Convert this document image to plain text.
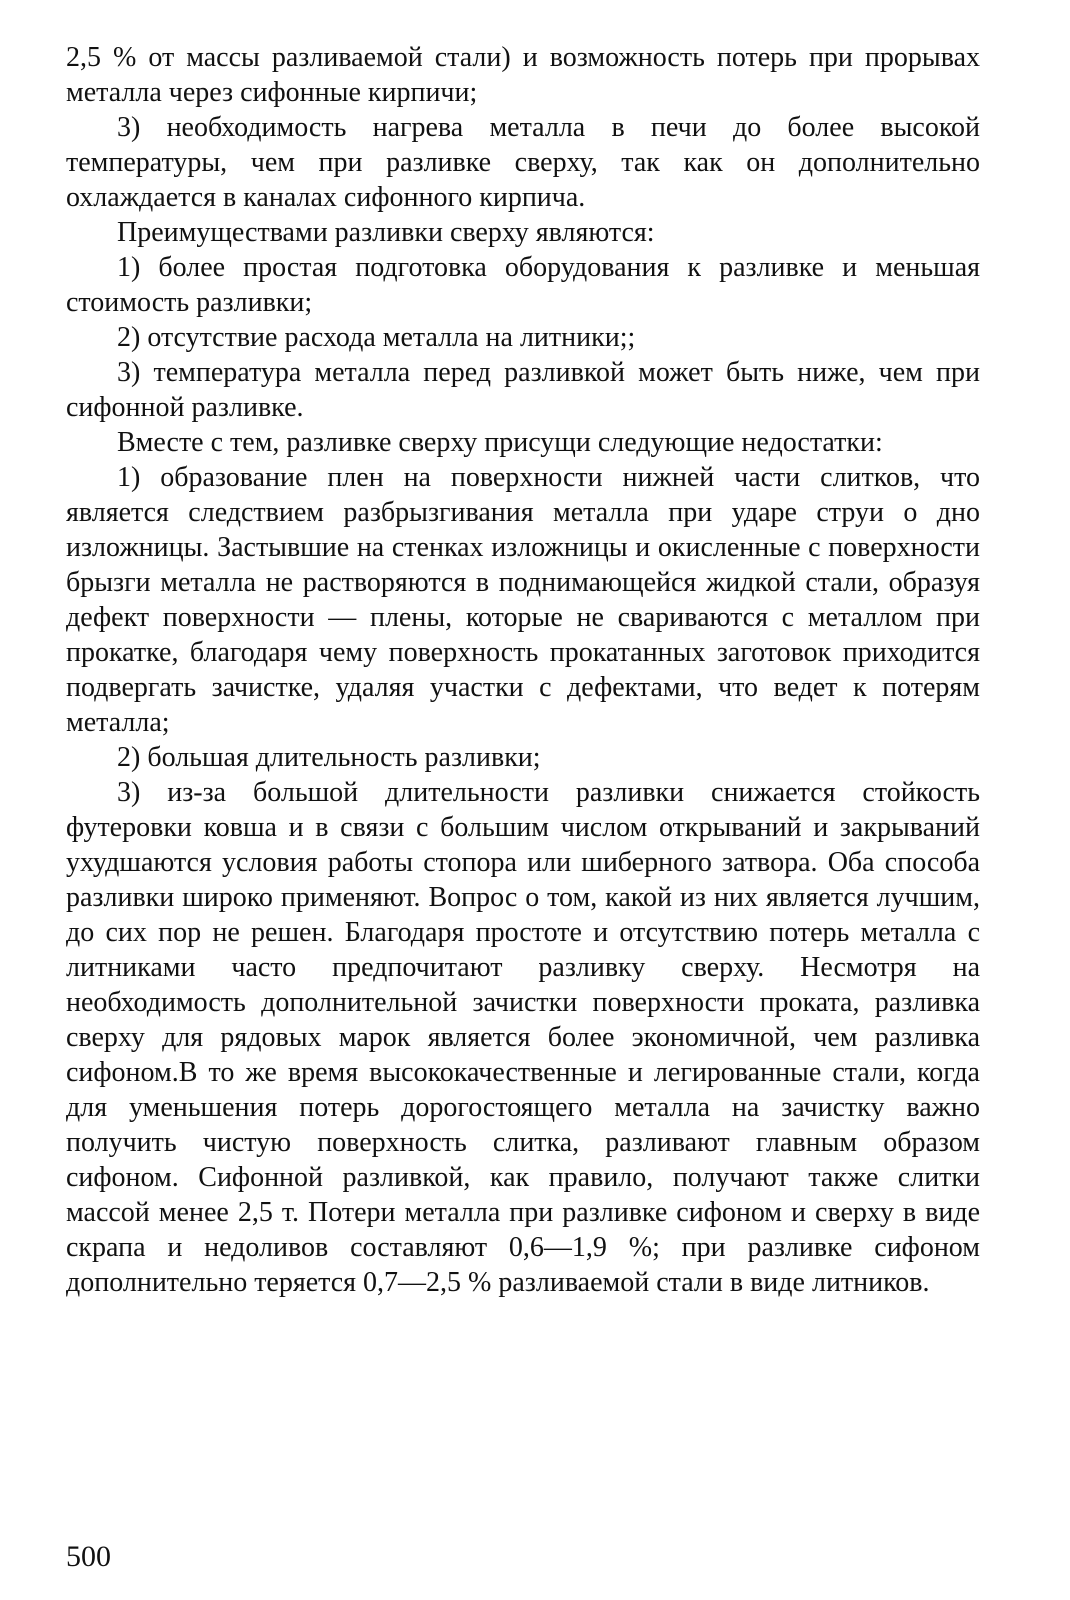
2,5 % от массы разливаемой стали) и возможность потерь при прорывах металла через сифонные кирпичи;

3) необходимость нагрева металла в печи до более высокой температуры, чем при разливке сверху, так как он дополнительно охлаждается в каналах сифонного кирпича.

Преимуществами разливки сверху являются:

1) более простая подготовка оборудования к разливке и меньшая стоимость разливки;

2) отсутствие расхода металла на литники;;

3) температура металла перед разливкой может быть ниже, чем при сифонной разливке.

Вместе с тем, разливке сверху присущи следующие недостатки:

1) образование плен на поверхности нижней части слитков, что является следствием разбрызгивания металла при ударе струи о дно изложницы. Застывшие на стенках изложницы и окисленные с поверхности брызги металла не растворяются в поднимающейся жидкой стали, образуя дефект поверхности — плены, которые не свариваются с металлом при прокатке, благодаря чему поверхность прокатанных заготовок приходится подвергать зачистке, удаляя участки с дефектами, что ведет к потерям металла;

2) большая длительность разливки;

3) из-за большой длительности разливки снижается стойкость футеровки ковша и в связи с большим числом открываний и закрываний ухудшаются условия работы стопора или шиберного затвора. Оба способа разливки широко применяют. Вопрос о том, какой из них является лучшим, до сих пор не решен. Благодаря простоте и отсутствию потерь металла с литниками часто предпочитают разливку сверху. Несмотря на необходимость дополнительной зачистки поверхности проката, разливка сверху для рядовых марок является более экономичной, чем разливка сифоном.В то же время высококачественные и легированные стали, когда для уменьшения потерь дорогостоящего металла на зачистку важно получить чистую поверхность слитка, разливают главным образом сифоном. Сифонной разливкой, как правило, получают также слитки массой менее 2,5 т. Потери металла при разливке сифоном и сверху в виде скрапа и недоливов составляют 0,6—1,9 %; при разливке сифоном дополнительно теряется 0,7—2,5 % разливаемой стали в виде литников.

500
